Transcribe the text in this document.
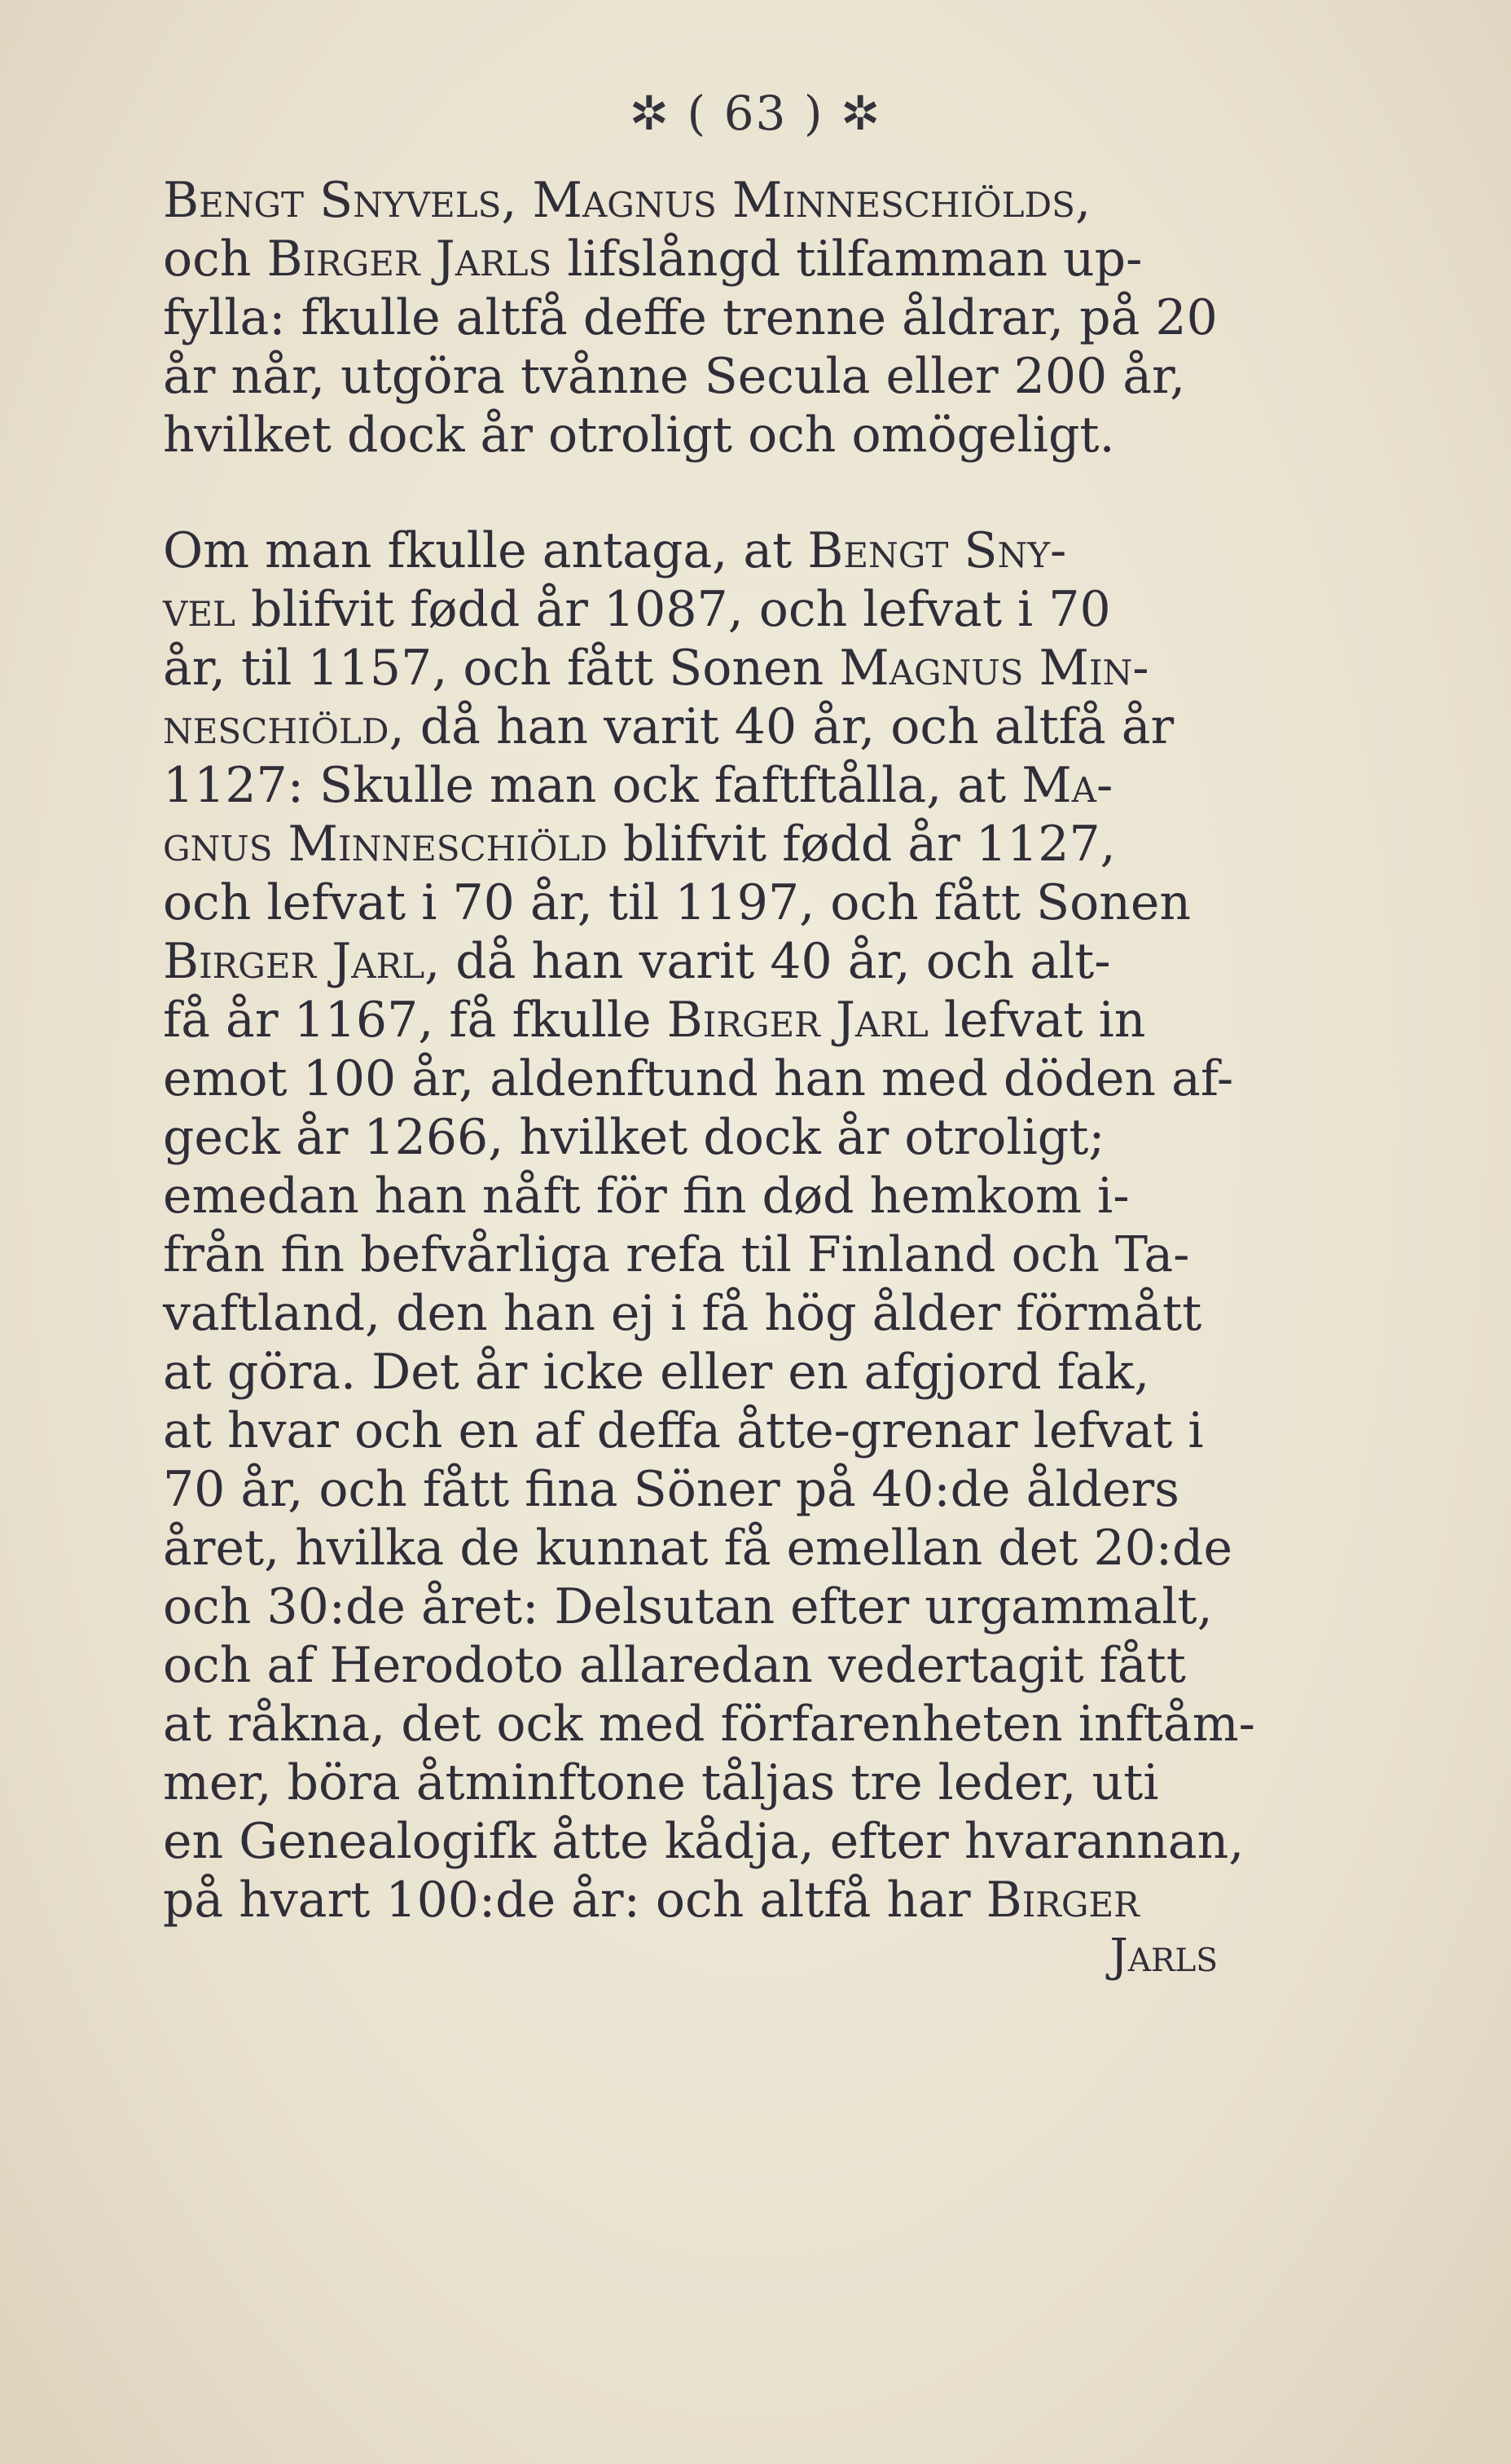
✲ ( 63 ) ✲
Bengt Snyvels, Magnus Minneschiölds,
och Birger Jarls lifslångd tilfamman up-
fylla: fkulle altfå deffe trenne åldrar, på 20
år når, utgöra tvånne Secula eller 200 år,
hvilket dock år otroligt och omögeligt.
Om man fkulle antaga, at Bengt Sny-
vel blifvit fødd år 1087, och lefvat i 70
år, til 1157, och fått Sonen Magnus Min-
neschiöld, då han varit 40 år, och altfå år
1127: Skulle man ock faftftålla, at Ma-
gnus Minneschiöld blifvit fødd år 1127,
och lefvat i 70 år, til 1197, och fått Sonen
Birger Jarl, då han varit 40 år, och alt-
få år 1167, få fkulle Birger Jarl lefvat in
emot 100 år, aldenftund han med döden af-
geck år 1266, hvilket dock år otroligt;
emedan han nåft för fin død hemkom i-
från fin befvårliga refa til Finland och Ta-
vaftland, den han ej i få hög ålder förmått
at göra. Det år icke eller en afgjord fak,
at hvar och en af deffa åtte-grenar lefvat i
70 år, och fått fina Söner på 40:de ålders
året, hvilka de kunnat få emellan det 20:de
och 30:de året: Delsutan efter urgammalt,
och af Herodoto allaredan vedertagit fått
at råkna, det ock med förfarenheten inftåm-
mer, böra åtminftone tåljas tre leder, uti
en Genealogifk åtte kådja, efter hvarannan,
på hvart 100:de år: och altfå har Birger
Jarls
